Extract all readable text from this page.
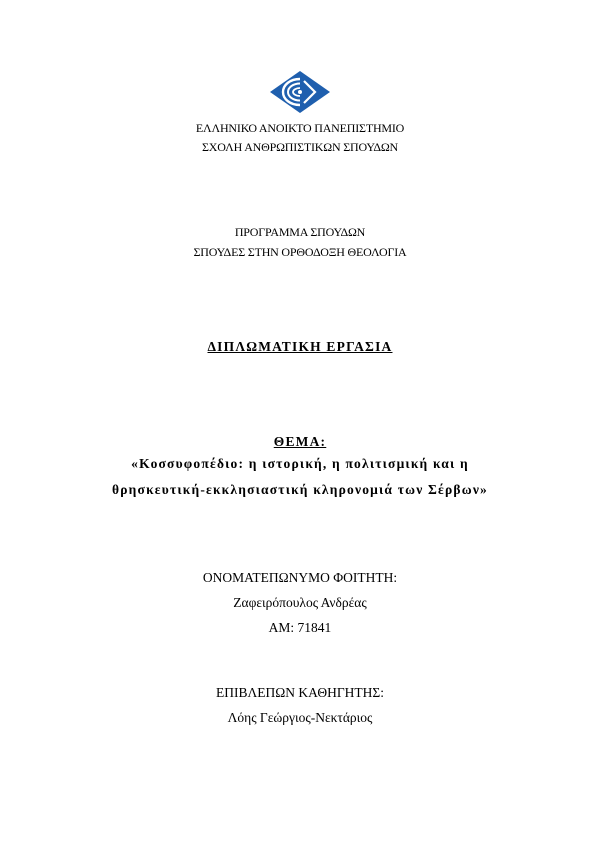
ΕΛΛΗΝΙΚΟ ΑΝΟΙΚΤΟ ΠΑΝΕΠΙΣΤΗΜΙΟ
ΣΧΟΛΗ ΑΝΘΡΩΠΙΣΤΙΚΩΝ ΣΠΟΥΔΩΝ
ΠΡΟΓΡΑΜΜΑ ΣΠΟΥΔΩΝ
ΣΠΟΥΔΕΣ ΣΤΗΝ ΟΡΘΟΔΟΞΗ ΘΕΟΛΟΓΙΑ
ΔΙΠΛΩΜΑΤΙΚΗ ΕΡΓΑΣΙΑ
ΘΕΜΑ:
«Κοσσυφοπέδιο: η ιστορική, η πολιτισμική και η
θρησκευτική-εκκλησιαστική κληρονομιά των Σέρβων»
ΟΝΟΜΑΤΕΠΩΝΥΜΟ ΦΟΙΤΗΤΗ:
Ζαφειρόπουλος Ανδρέας
ΑΜ: 71841
ΕΠΙΒΛΕΠΩΝ ΚΑΘΗΓΗΤΗΣ:
Λόης Γεώργιος-Νεκτάριος
